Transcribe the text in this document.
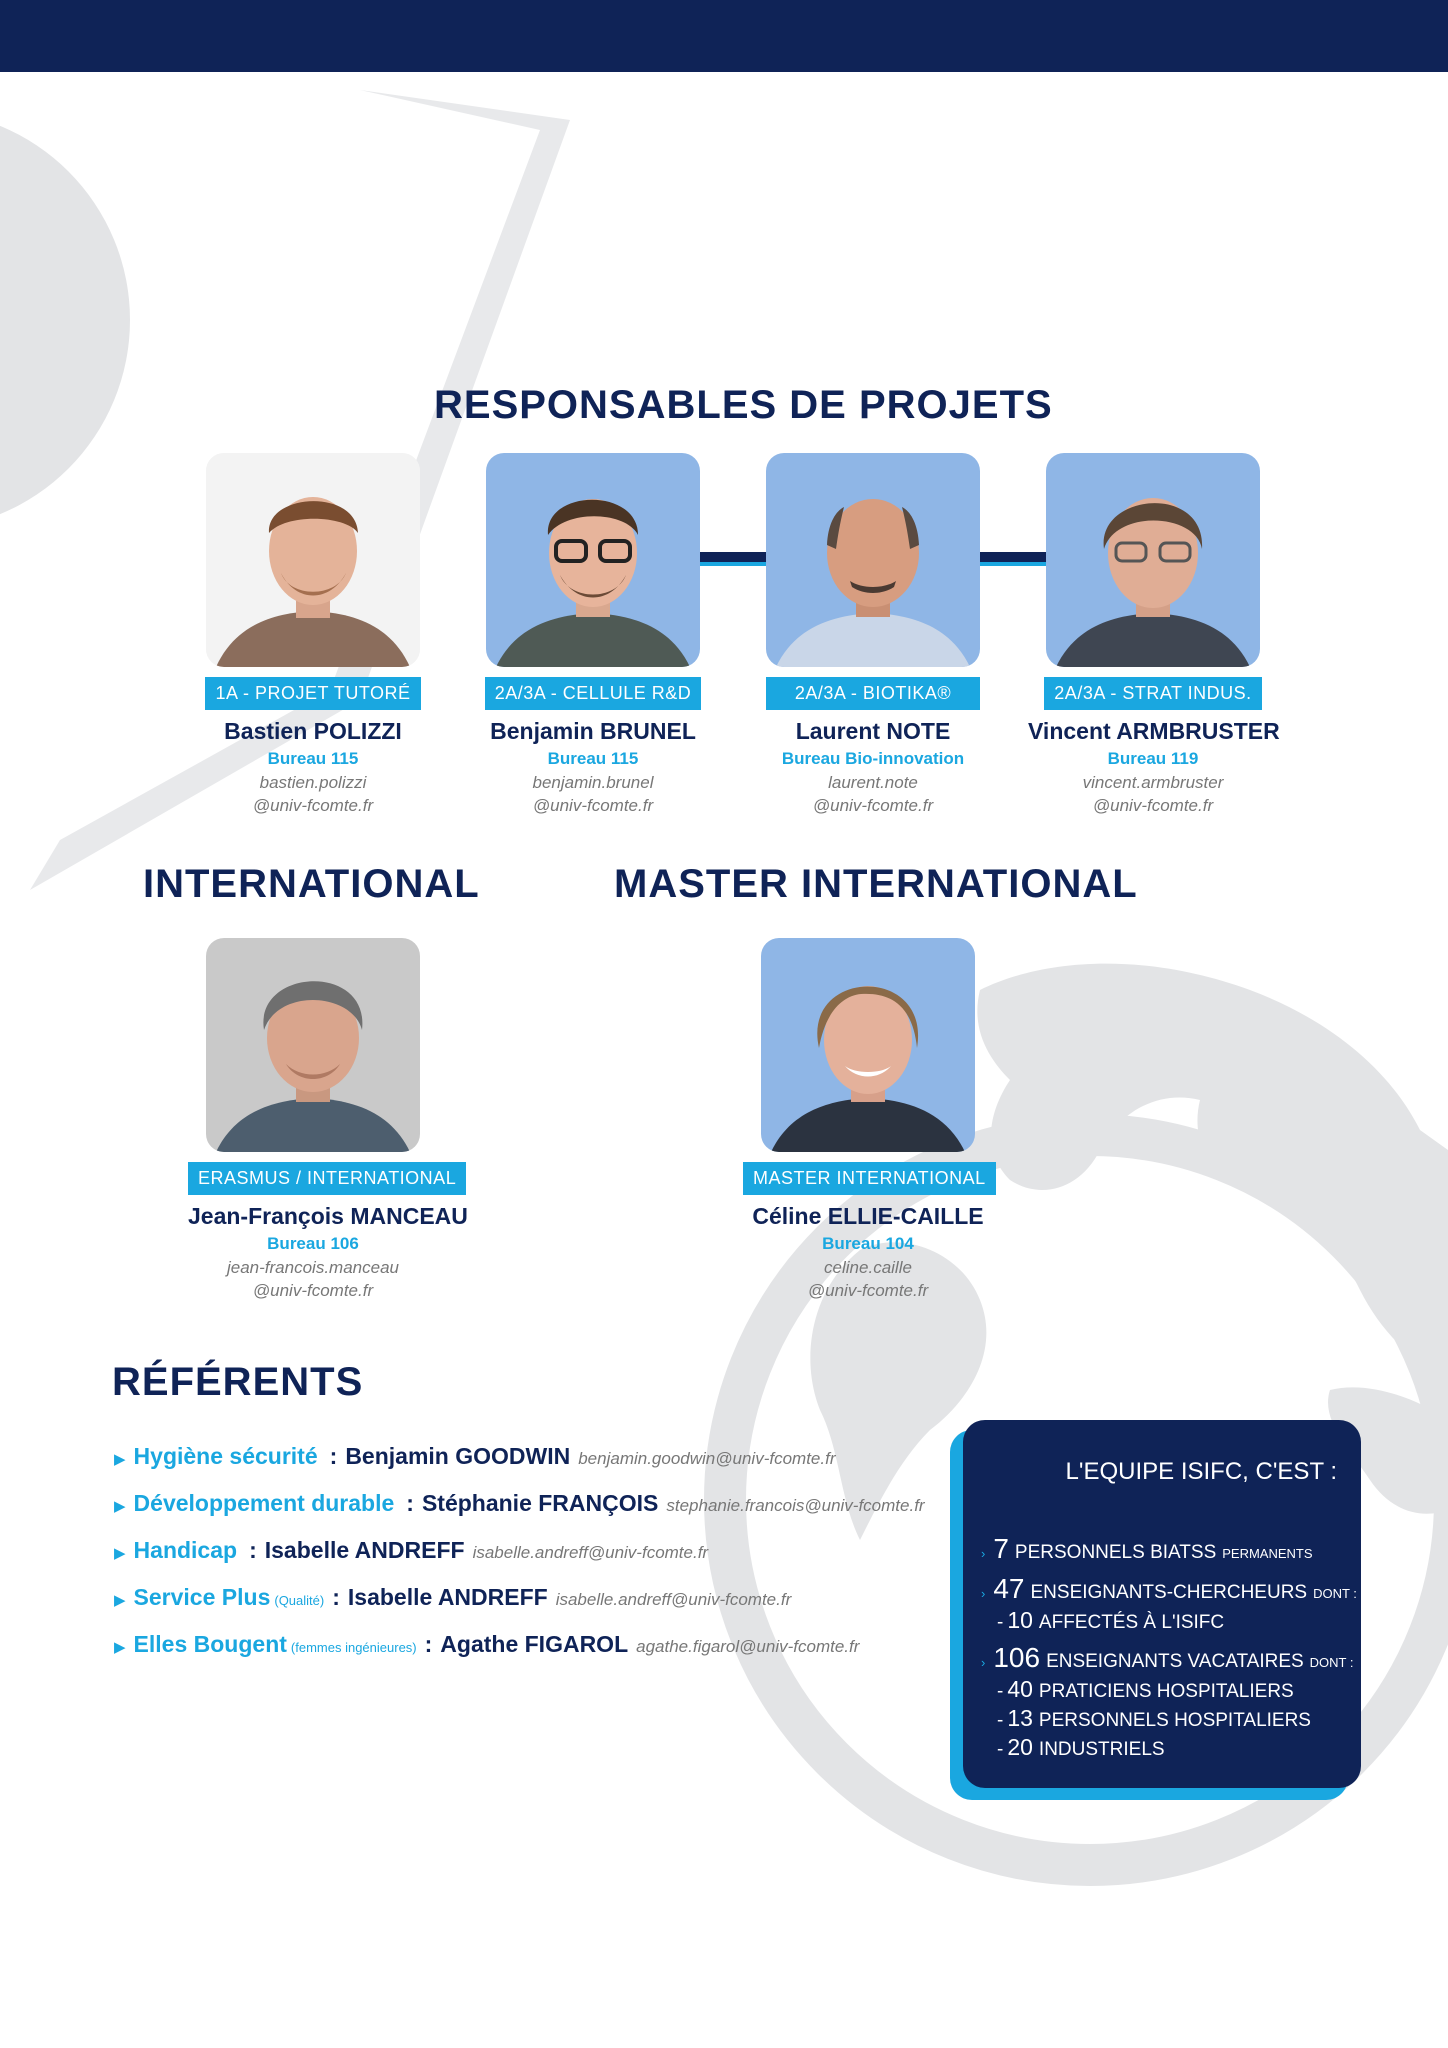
RESPONSABLES DE PROJETS
1A - PROJET TUTORÉ
Bastien POLIZZI
Bureau 115
bastien.polizzi
@univ-fcomte.fr
2A/3A - CELLULE R&D
Benjamin BRUNEL
Bureau 115
benjamin.brunel
@univ-fcomte.fr
2A/3A - BIOTIKA®
Laurent NOTE
Bureau Bio-innovation
laurent.note
@univ-fcomte.fr
2A/3A - STRAT INDUS.
Vincent ARMBRUSTER
Bureau 119
vincent.armbruster
@univ-fcomte.fr
INTERNATIONAL	MASTER INTERNATIONAL
ERASMUS / INTERNATIONAL
Jean-François MANCEAU
Bureau 106
jean-francois.manceau
@univ-fcomte.fr
MASTER INTERNATIONAL
Céline ELLIE-CAILLE
Bureau 104
celine.caille
@univ-fcomte.fr
RÉFÉRENTS
▶ Hygiène sécurité : Benjamin GOODWIN benjamin.goodwin@univ-fcomte.fr
▶ Développement durable : Stéphanie FRANÇOIS stephanie.francois@univ-fcomte.fr
▶ Handicap : Isabelle ANDREFF isabelle.andreff@univ-fcomte.fr
▶ Service Plus (Qualité) : Isabelle ANDREFF isabelle.andreff@univ-fcomte.fr
▶ Elles Bougent (femmes ingénieures) : Agathe FIGAROL agathe.figarol@univ-fcomte.fr
L'EQUIPE ISIFC, C'EST :
› 7 PERSONNELS BIATSS PERMANENTS
› 47 ENSEIGNANTS-CHERCHEURS DONT :
- 10 AFFECTÉS À L'ISIFC
› 106 ENSEIGNANTS VACATAIRES DONT :
- 40 PRATICIENS HOSPITALIERS
- 13 PERSONNELS HOSPITALIERS
- 20 INDUSTRIELS
